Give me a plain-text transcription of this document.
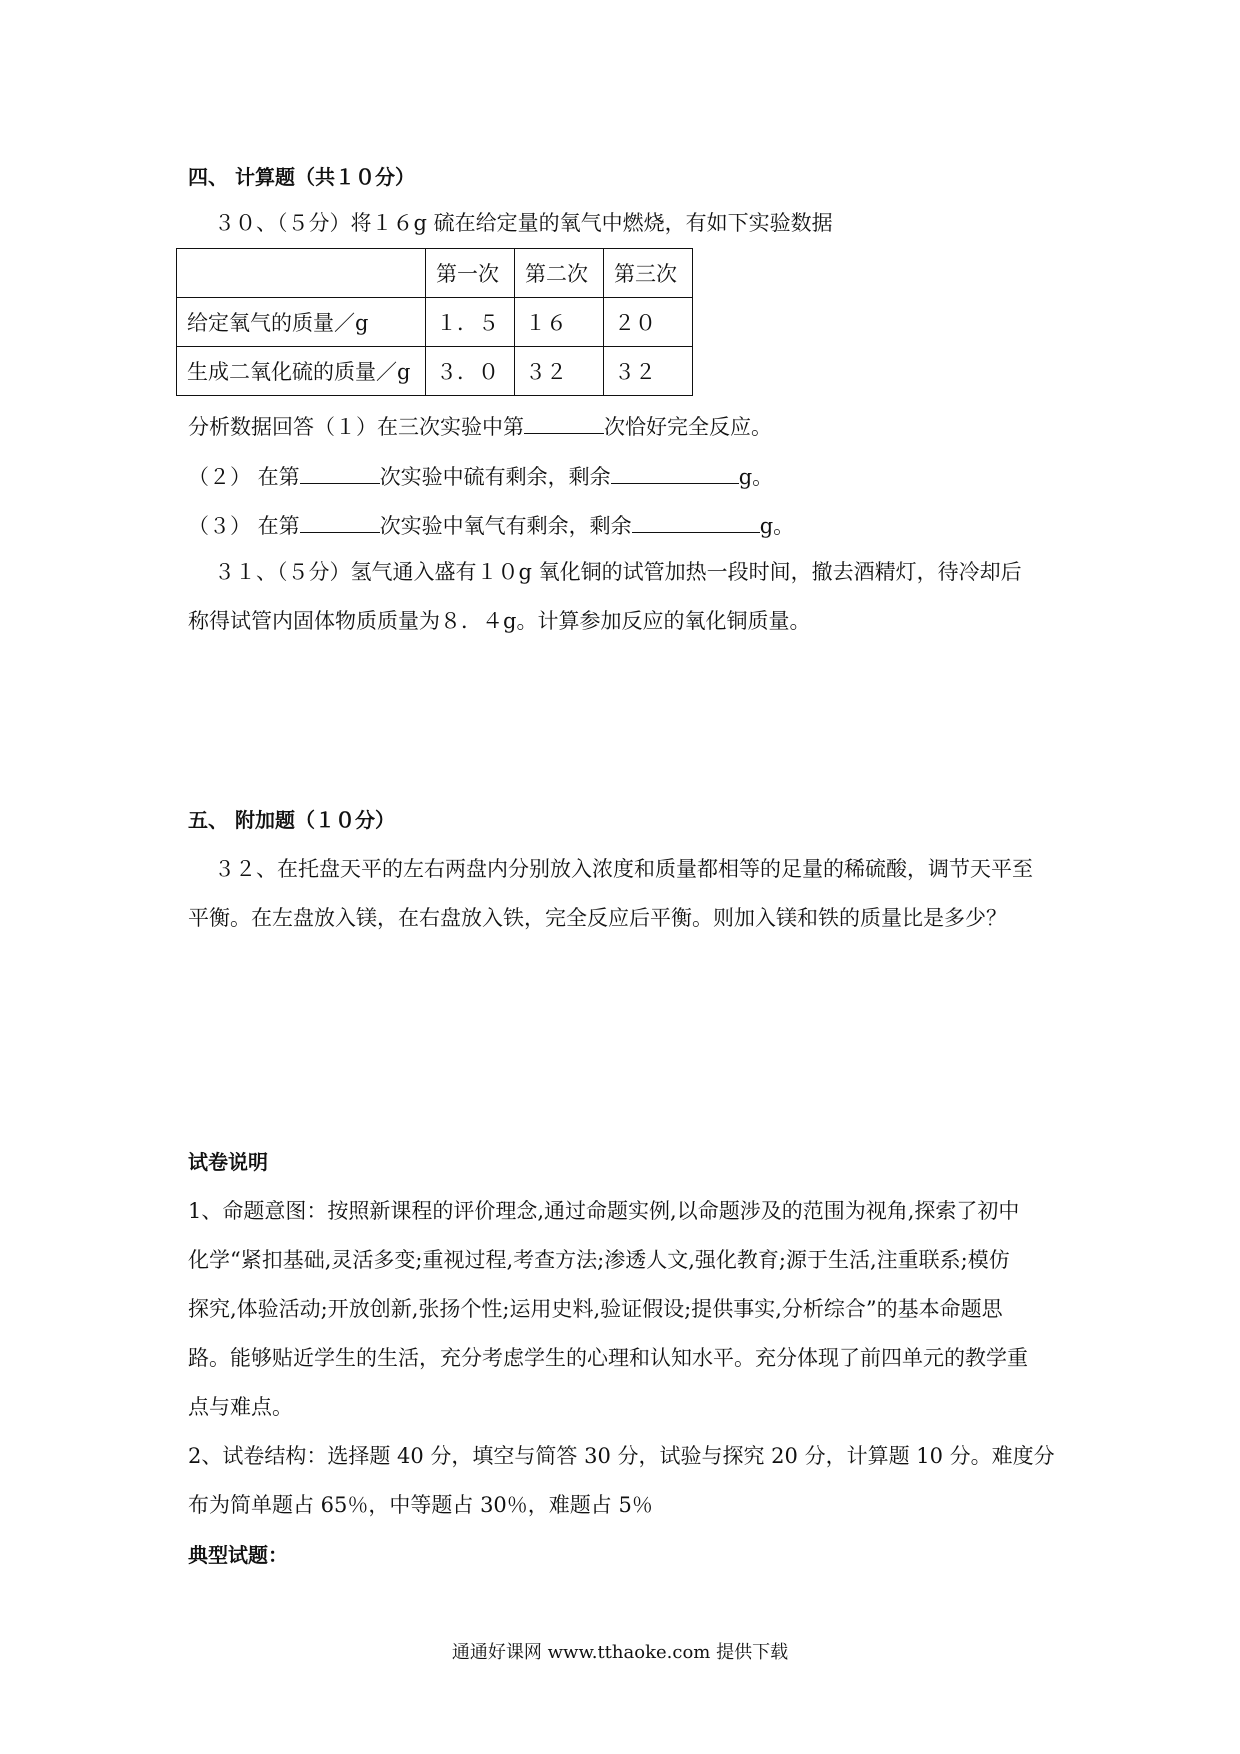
四、 计算题（共１０分）
３０、（５分）将１６g 硫在给定量的氧气中燃烧，有如下实验数据
	第一次	第二次	第三次
给定氧气的质量／g	１．５	１６	２０
生成二氧化硫的质量／g	３．０	３２	３２
分析数据回答（１）在三次实验中第	次恰好完全反应。
（２） 在第	次实验中硫有剩余，剩余	g。
（３） 在第	次实验中氧气有剩余，剩余	g。
３１、（５分）氢气通入盛有１０g 氧化铜的试管加热一段时间，撤去酒精灯，待冷却后
称得试管内固体物质质量为８．４g。计算参加反应的氧化铜质量。
五、 附加题（１０分）
３２、在托盘天平的左右两盘内分别放入浓度和质量都相等的足量的稀硫酸，调节天平至
平衡。在左盘放入镁，在右盘放入铁，完全反应后平衡。则加入镁和铁的质量比是多少？
试卷说明
1、命题意图：按照新课程的评价理念,通过命题实例,以命题涉及的范围为视角,探索了初中
化学“紧扣基础,灵活多变;重视过程,考查方法;渗透人文,强化教育;源于生活,注重联系;模仿
探究,体验活动;开放创新,张扬个性;运用史料,验证假设;提供事实,分析综合”的基本命题思
路。能够贴近学生的生活，充分考虑学生的心理和认知水平。充分体现了前四单元的教学重
点与难点。
2、试卷结构：选择题 40 分，填空与简答 30 分，试验与探究 20 分，计算题 10 分。难度分
布为简单题占 65％，中等题占 30％，难题占 5％
典型试题：
通通好课网 www.tthaoke.com 提供下载
